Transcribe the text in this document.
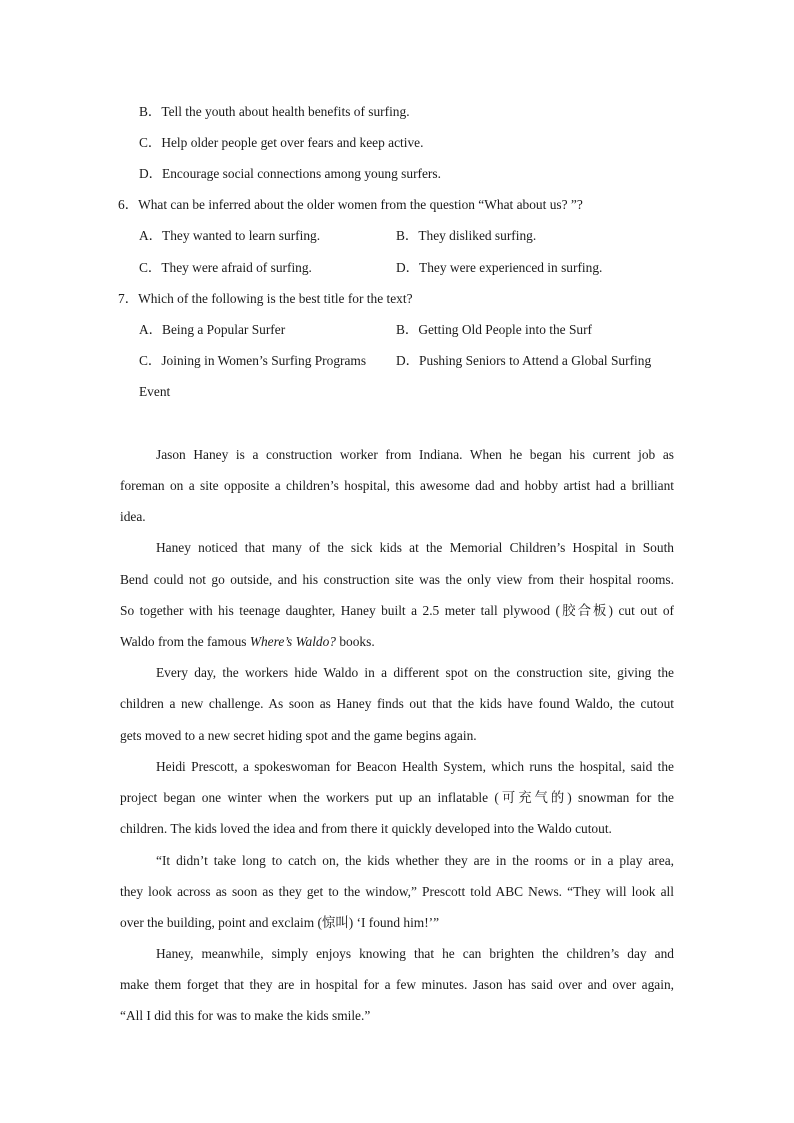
B．Tell the youth about health benefits of surfing.
C．Help older people get over fears and keep active.
D．Encourage social connections among young surfers.
6．What can be inferred about the older women from the question “What about us? ”?
A．They wanted to learn surfing.	B．They disliked surfing.
C．They were afraid of surfing.	D．They were experienced in surfing.
7．Which of the following is the best title for the text?
A．Being a Popular Surfer	B．Getting Old People into the Surf
C．Joining in Women’s Surfing Programs D．Pushing Seniors to Attend a Global Surfing
Event
Jason Haney is a construction worker from Indiana. When he began his current job as
foreman on a site opposite a children’s hospital, this awesome dad and hobby artist had a brilliant
idea.
Haney noticed that many of the sick kids at the Memorial Children’s Hospital in South
Bend could not go outside, and his construction site was the only view from their hospital rooms.
So together with his teenage daughter, Haney built a 2.5 meter tall plywood (胶合板) cut out of
Waldo from the famous Where’s Waldo? books.
Every day, the workers hide Waldo in a different spot on the construction site, giving the
children a new challenge. As soon as Haney finds out that the kids have found Waldo, the cutout
gets moved to a new secret hiding spot and the game begins again.
Heidi Prescott, a spokeswoman for Beacon Health System, which runs the hospital, said the
project began one winter when the workers put up an inflatable (可充气的) snowman for the
children. The kids loved the idea and from there it quickly developed into the Waldo cutout.
“It didn’t take long to catch on, the kids whether they are in the rooms or in a play area,
they look across as soon as they get to the window,” Prescott told ABC News. “They will look all
over the building, point and exclaim (惊叫) ‘I found him!’”
Haney, meanwhile, simply enjoys knowing that he can brighten the children’s day and
make them forget that they are in hospital for a few minutes. Jason has said over and over again,
“All I did this for was to make the kids smile.”
